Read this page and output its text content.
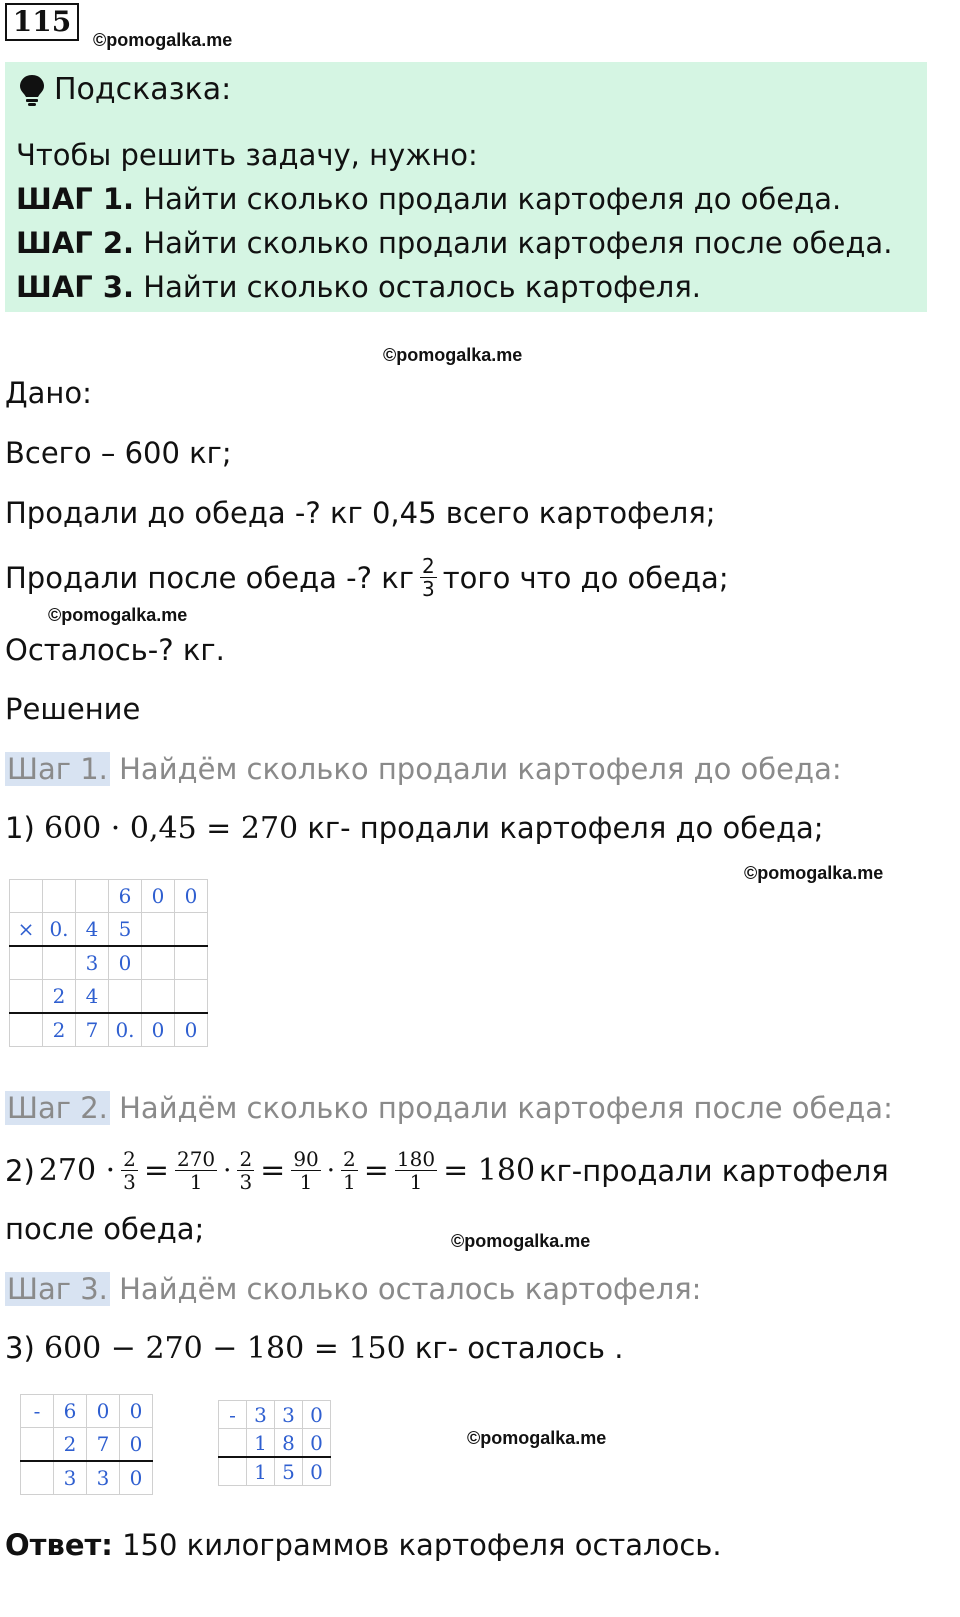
115
©pomogalka.me
Подсказка:
Чтобы решить задачу, нужно:
ШАГ 1. Найти сколько продали картофеля до обеда.
ШАГ 2. Найти сколько продали картофеля после обеда.
ШАГ 3. Найти сколько осталось картофеля.
©pomogalka.me
Дано:
Всего – 600 кг;
Продали до обеда -? кг 0,45 всего картофеля;
Продали после обеда -? кг $\frac{2}{3}$ того что до обеда;
©pomogalka.me
Осталось-? кг.
Решение
Шаг 1. Найдём сколько продали картофеля до обеда:
1) 600 · 0,45 = 270 кг- продали картофеля до обеда;
©pomogalka.me
			6	0	0
×	0.	4	5		
		3	0		
	2	4			
	2	7	0.	0	0
Шаг 2. Найдём сколько продали картофеля после обеда:
2) $270 \cdot \frac{2}{3} = \frac{270}{1} \cdot \frac{2}{3} = \frac{90}{1} \cdot \frac{2}{1} = \frac{180}{1} = 180$ кг-продали картофеля
после обеда;	©pomogalka.me
Шаг 3. Найдём сколько осталось картофеля:
3) 600 − 270 − 180 = 150 кг- осталось .
-	6	0	0
	2	7	0
	3	3	0
-	3	3	0
	1	8	0
	1	5	0
©pomogalka.me
Ответ: 150 килограммов картофеля осталось.
